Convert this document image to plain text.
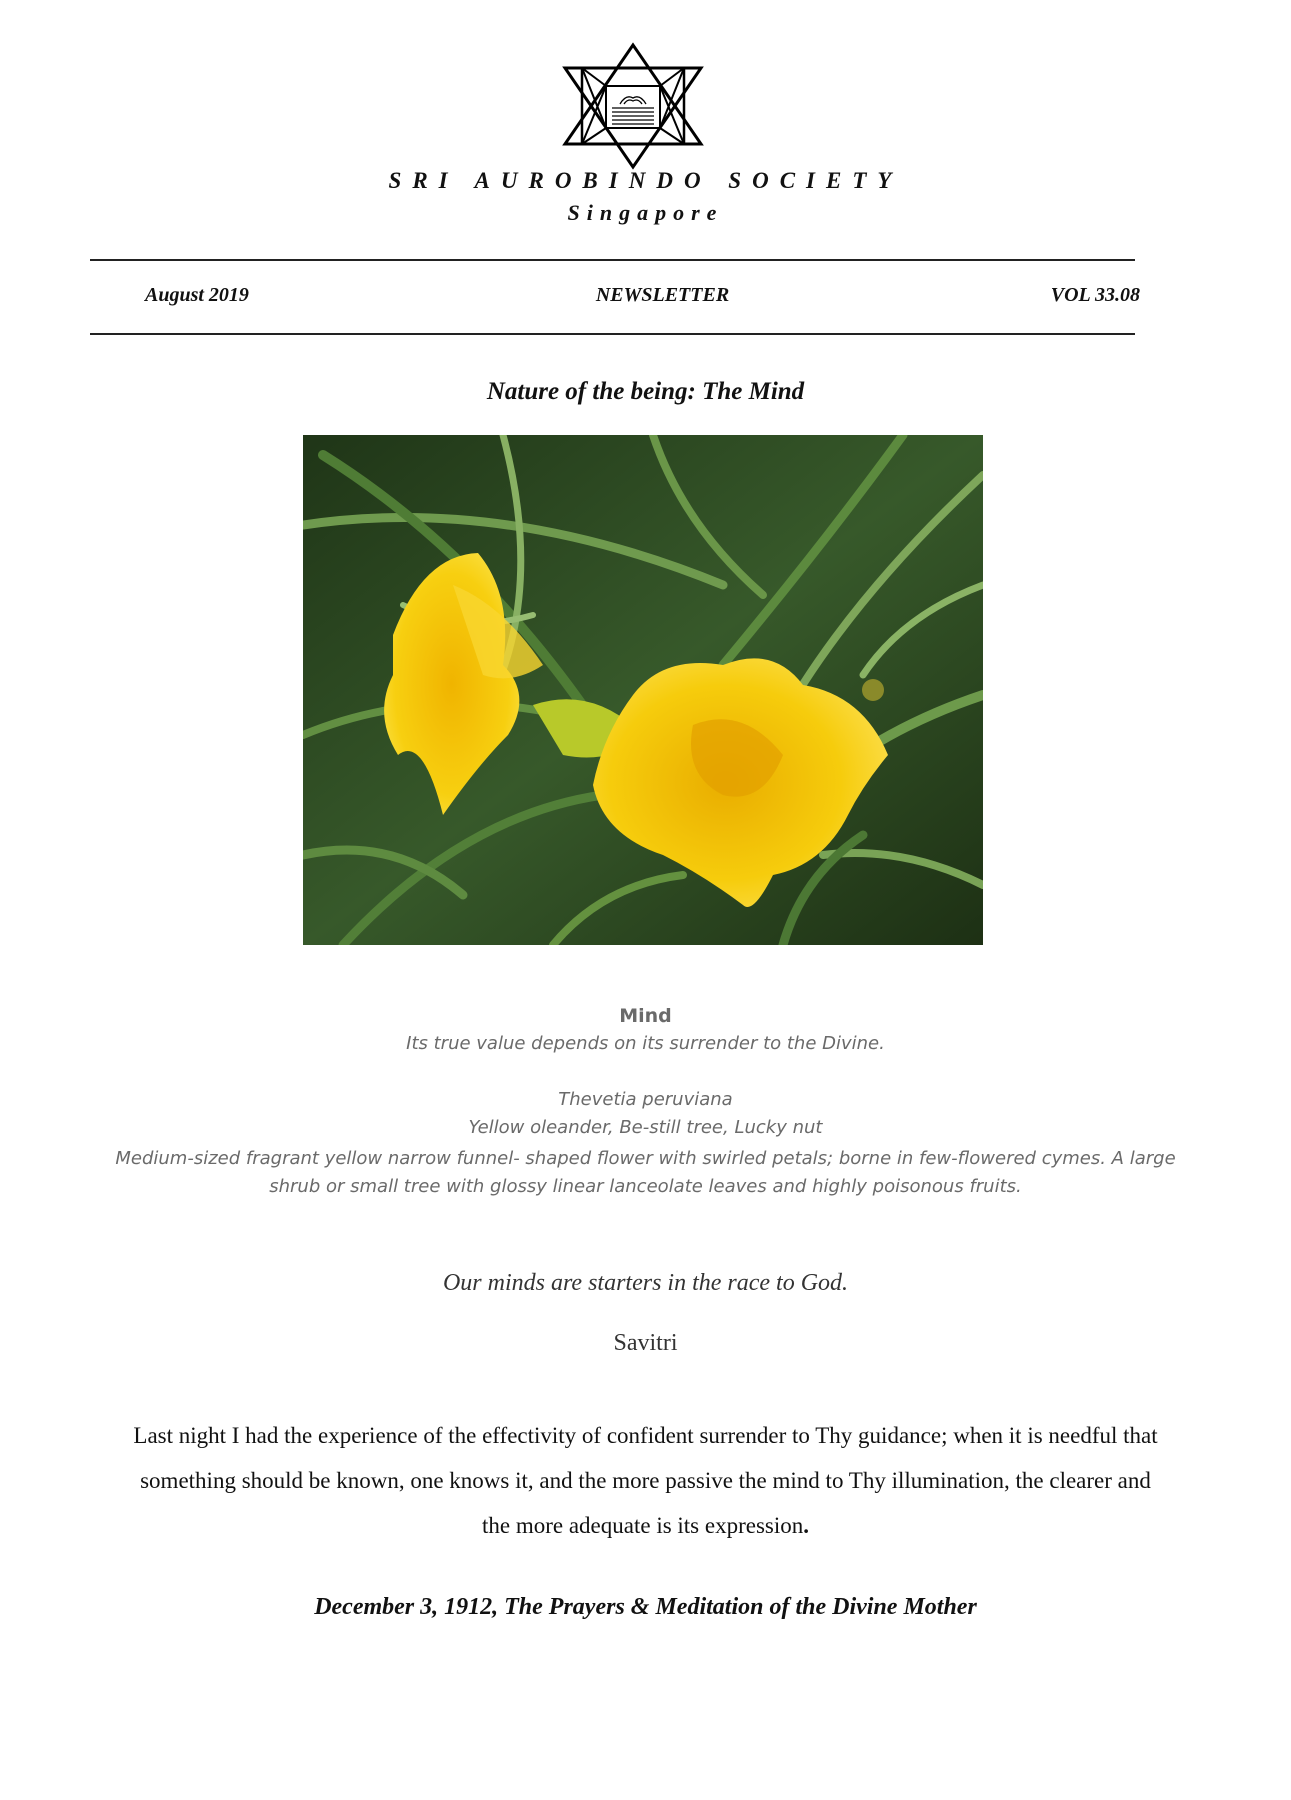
SRI AUROBINDO SOCIETY
Singapore
August 2019	NEWSLETTER	VOL 33.08
Nature of the being: The Mind
Mind
Its true value depends on its surrender to the Divine.
Thevetia peruviana
Yellow oleander, Be-still tree, Lucky nut
Medium-sized fragrant yellow narrow funnel- shaped flower with swirled petals; borne in few-flowered cymes. A large shrub or small tree with glossy linear lanceolate leaves and highly poisonous fruits.
Our minds are starters in the race to God.
Savitri
Last night I had the experience of the effectivity of confident surrender to Thy guidance; when it is needful that something should be known, one knows it, and the more passive the mind to Thy illumination, the clearer and the more adequate is its expression.
December 3, 1912, The Prayers & Meditation of the Divine Mother
